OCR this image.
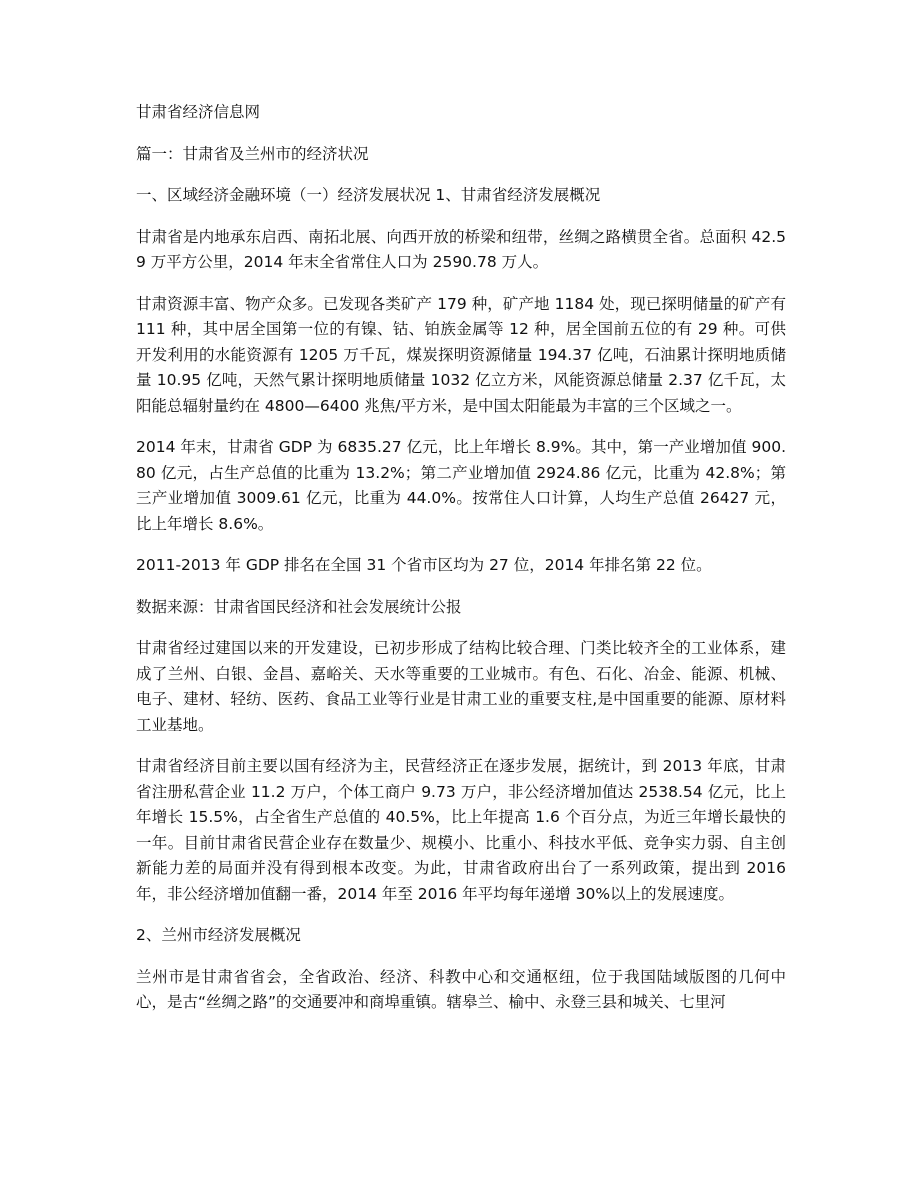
甘肃省经济信息网

篇一：甘肃省及兰州市的经济状况

一、区域经济金融环境（一）经济发展状况 1、甘肃省经济发展概况

甘肃省是内地承东启西、南拓北展、向西开放的桥梁和纽带，丝绸之路横贯全省。总面积 42.59 万平方公里，2014 年末全省常住人口为 2590.78 万人。

甘肃资源丰富、物产众多。已发现各类矿产 179 种，矿产地 1184 处，现已探明储量的矿产有 111 种，其中居全国第一位的有镍、钴、铂族金属等 12 种，居全国前五位的有 29 种。可供开发利用的水能资源有 1205 万千瓦，煤炭探明资源储量 194.37 亿吨，石油累计探明地质储量 10.95 亿吨，天然气累计探明地质储量 1032 亿立方米，风能资源总储量 2.37 亿千瓦，太阳能总辐射量约在 4800—6400 兆焦/平方米，是中国太阳能最为丰富的三个区域之一。

2014 年末，甘肃省 GDP 为 6835.27 亿元，比上年增长 8.9%。其中，第一产业增加值 900.80 亿元，占生产总值的比重为 13.2%；第二产业增加值 2924.86 亿元，比重为 42.8%；第三产业增加值 3009.61 亿元，比重为 44.0%。按常住人口计算，人均生产总值 26427 元，比上年增长 8.6%。

2011-2013 年 GDP 排名在全国 31 个省市区均为 27 位，2014 年排名第 22 位。

数据来源：甘肃省国民经济和社会发展统计公报

甘肃省经过建国以来的开发建设，已初步形成了结构比较合理、门类比较齐全的工业体系，建成了兰州、白银、金昌、嘉峪关、天水等重要的工业城市。有色、石化、冶金、能源、机械、电子、建材、轻纺、医药、食品工业等行业是甘肃工业的重要支柱,是中国重要的能源、原材料工业基地。

甘肃省经济目前主要以国有经济为主，民营经济正在逐步发展，据统计，到 2013 年底，甘肃省注册私营企业 11.2 万户，个体工商户 9.73 万户，非公经济增加值达 2538.54 亿元，比上年增长 15.5%，占全省生产总值的 40.5%，比上年提高 1.6 个百分点，为近三年增长最快的一年。目前甘肃省民营企业存在数量少、规模小、比重小、科技水平低、竞争实力弱、自主创新能力差的局面并没有得到根本改变。为此，甘肃省政府出台了一系列政策，提出到 2016 年，非公经济增加值翻一番，2014 年至 2016 年平均每年递增 30%以上的发展速度。

2、兰州市经济发展概况

兰州市是甘肃省省会，全省政治、经济、科教中心和交通枢纽，位于我国陆域版图的几何中心，是古“丝绸之路”的交通要冲和商埠重镇。辖皋兰、榆中、永登三县和城关、七里河
